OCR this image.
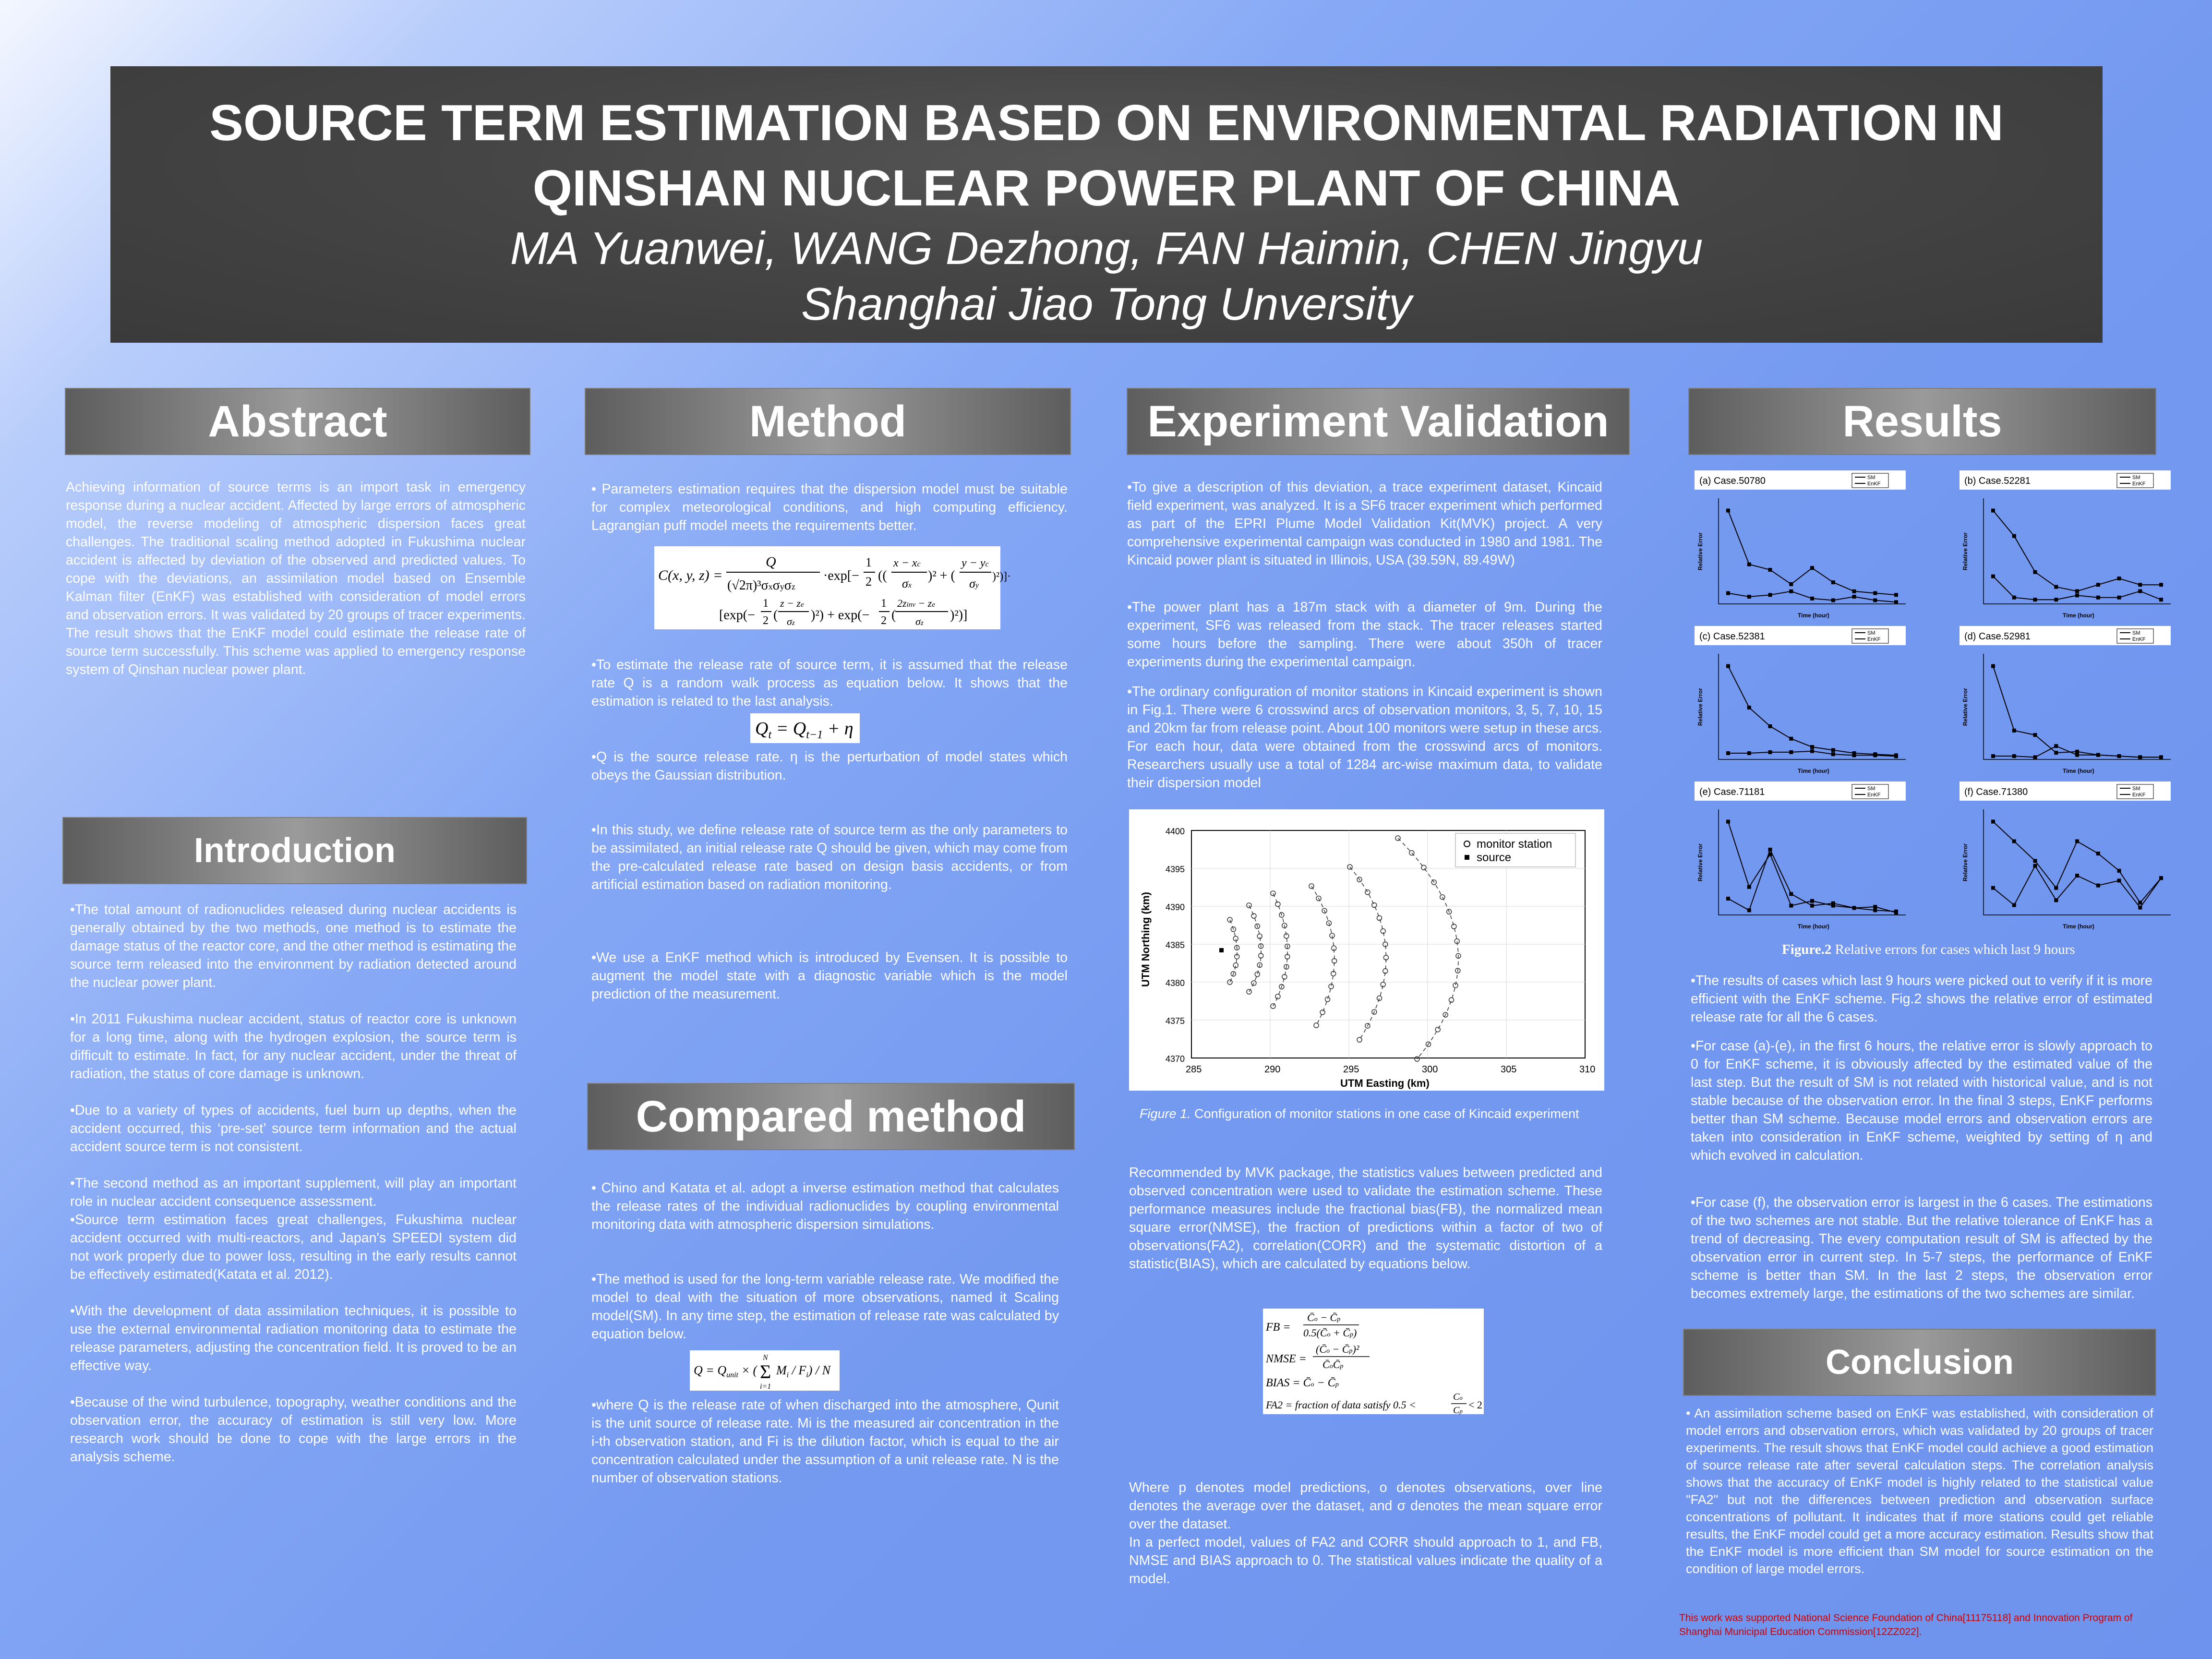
SOURCE TERM ESTIMATION BASED ON ENVIRONMENTAL RADIATION IN
QINSHAN NUCLEAR POWER PLANT OF CHINA
MA Yuanwei, WANG Dezhong, FAN Haimin, CHEN Jingyu
Shanghai Jiao Tong Unversity
Abstract
Introduction
Method
Compared method
Experiment Validation	Results
Conclusion
Achieving information of source terms is an import task in emergency response during a nuclear accident. Affected by large errors of atmospheric model, the reverse modeling of atmospheric dispersion faces great challenges. The traditional scaling method adopted in Fukushima nuclear accident is affected by deviation of the observed and predicted values. To cope with the deviations, an assimilation model based on Ensemble Kalman filter (EnKF) was established with consideration of model errors and observation errors. It was validated by 20 groups of tracer experiments. The result shows that the EnKF model could estimate the release rate of source term successfully. This scheme was applied to emergency response system of Qinshan nuclear power plant.

•The total amount of radionuclides released during nuclear accidents is generally obtained by the two methods, one method is to estimate the damage status of the reactor core, and the other method is estimating the source term released into the environment by radiation detected around the nuclear power plant.

•In 2011 Fukushima nuclear accident, status of reactor core is unknown for a long time, along with the hydrogen explosion, the source term is difficult to estimate. In fact, for any nuclear accident, under the threat of radiation, the status of core damage is unknown.

•Due to a variety of types of accidents, fuel burn up depths, when the accident occurred, this ‘pre-set’ source term information and the actual accident source term is not consistent.

•The second method as an important supplement, will play an important role in nuclear accident consequence assessment.

•Source term estimation faces great challenges, Fukushima nuclear accident occurred with multi-reactors, and Japan's SPEEDI system did not work properly due to power loss, resulting in the early results cannot be effectively estimated(Katata et al. 2012).

•With the development of data assimilation techniques, it is possible to use the external environmental radiation monitoring data to estimate the release parameters, adjusting the concentration field. It is proved to be an effective way.

•Because of the wind turbulence, topography, weather conditions and the observation error, the accuracy of estimation is still very low. More research work should be done to cope with the large errors in the analysis scheme.

• Parameters estimation requires that the dispersion model must be suitable for complex meteorological conditions, and high computing efficiency. Lagrangian puff model meets the requirements better.
C(x, y, z) =
Q
(√2π)³σxσyσz
·exp[−
1
2 ((
x − xc
σx
)² + (
y − yc
σy
)²)]·
[exp(−
1
2 (
z − ze
σz
)²) + exp(−
1
2 (
2zinv − ze
σz
)²)]
•To estimate the release rate of source term, it is assumed that the release rate Q is a random walk process as equation below. It shows that the estimation is related to the last analysis.
$Q_t = Q_{t-1} + \eta$
•Q is the source release rate. η is the perturbation of model states which obeys the Gaussian distribution.
•In this study, we define release rate of source term as the only parameters to be assimilated, an initial release rate Q should be given, which may come from the pre-calculated release rate based on design basis accidents, or from artificial estimation based on radiation monitoring.
•We use a EnKF method which is introduced by Evensen. It is possible to augment the model state with a diagnostic variable which is the model prediction of the measurement.
• Chino and Katata et al. adopt a inverse estimation method that calculates the release rates of the individual radionuclides by coupling environmental monitoring data with atmospheric dispersion simulations.
•The method is used for the long-term variable release rate. We modified the model to deal with the situation of more observations, named it Scaling model(SM). In any time step, the estimation of release rate was calculated by equation below.
$Q = Q_{unit}$ × ( Σ
N
i=1
$M_i / F_i$) / N
•where Q is the release rate of when discharged into the atmosphere, Qunit is the unit source of release rate. Mi is the measured air concentration in the i-th observation station, and Fi is the dilution factor, which is equal to the air concentration calculated under the assumption of a unit release rate. N is the number of observation stations.
•To give a description of this deviation, a trace experiment dataset, Kincaid field experiment, was analyzed. It is a SF6 tracer experiment which performed as part of the EPRI Plume Model Validation Kit(MVK) project. A very comprehensive experimental campaign was conducted in 1980 and 1981. The Kincaid power plant is situated in Illinois, USA (39.59N, 89.49W)
•The power plant has a 187m stack with a diameter of 9m. During the experiment, SF6 was released from the stack. The tracer releases started some hours before the sampling. There were about 350h of tracer experiments during the experimental campaign.
•The ordinary configuration of monitor stations in Kincaid experiment is shown in Fig.1. There were 6 crosswind arcs of observation monitors, 3, 5, 7, 10, 15 and 20km far from release point. About 100 monitors were setup in these arcs. For each hour, data were obtained from the crosswind arcs of monitors. Researchers usually use a total of 1284 arc-wise maximum data, to validate their dispersion model
285	290	295	300	305	310
4400
4395
4390
4385
4380
4375
4370
UTM Easting (km)
UTM Northing (km)
monitor station
source
Figure 1. Configuration of monitor stations in one case of Kincaid experiment
Recommended by MVK package, the statistics values between predicted and observed concentration were used to validate the estimation scheme. These performance measures include the fractional bias(FB), the normalized mean square error(NMSE), the fraction of predictions within a factor of two of observations(FA2), correlation(CORR) and the systematic distortion of a statistic(BIAS), which are calculated by equations below.
FB =
C̄o − C̄p
0.5(C̄o + C̄p)
NMSE =
(C̄o − C̄p)²
C̄oC̄p
BIAS = C̄o − C̄p
FA2 = fraction of data satisfy 0.5 <
Co
Cp
< 2

Where p denotes model predictions, o denotes observations, over line denotes the average over the dataset, and σ denotes the mean square error over the dataset.

In a perfect model, values of FA2 and CORR should approach to 1, and FB, NMSE and BIAS approach to 0. The statistical values indicate the quality of a model.

(a) Case.50780	SM
EnKF
Relative Error
Time (hour)
(b) Case.52281	SM
EnKF
Relative Error
Time (hour)
(c) Case.52381	SM
EnKF
Relative Error
Time (hour)
(d) Case.52981	SM
EnKF
Relative Error
Time (hour)
(e) Case.71181	SM
EnKF
Relative Error
Time (hour)
(f) Case.71380	SM
EnKF
Relative Error
Time (hour)
Figure.2 Relative errors for cases which last 9 hours
•The results of cases which last 9 hours were picked out to verify if it is more efficient with the EnKF scheme. Fig.2 shows the relative error of estimated release rate for all the 6 cases.
•For case (a)-(e), in the first 6 hours, the relative error is slowly approach to 0 for EnKF scheme, it is obviously affected by the estimated value of the last step. But the result of SM is not related with historical value, and is not stable because of the observation error. In the final 3 steps, EnKF performs better than SM scheme. Because model errors and observation errors are taken into consideration in EnKF scheme, weighted by setting of η and which evolved in calculation.
•For case (f), the observation error is largest in the 6 cases. The estimations of the two schemes are not stable. But the relative tolerance of EnKF has a trend of decreasing. The every computation result of SM is affected by the observation error in current step. In 5-7 steps, the performance of EnKF scheme is better than SM. In the last 2 steps, the observation error becomes extremely large, the estimations of the two schemes are similar.
• An assimilation scheme based on EnKF was established, with consideration of model errors and observation errors, which was validated by 20 groups of tracer experiments. The result shows that EnKF model could achieve a good estimation of source release rate after several calculation steps. The correlation analysis shows that the accuracy of EnKF model is highly related to the statistical value "FA2" but not the differences between prediction and observation surface concentrations of pollutant. It indicates that if more stations could get reliable results, the EnKF model could get a more accuracy estimation. Results show that the EnKF model is more efficient than SM model for source estimation on the condition of large model errors.
This work was supported National Science Foundation of China[11175118] and Innovation Program of Shanghai Municipal Education Commission[12ZZ022].
